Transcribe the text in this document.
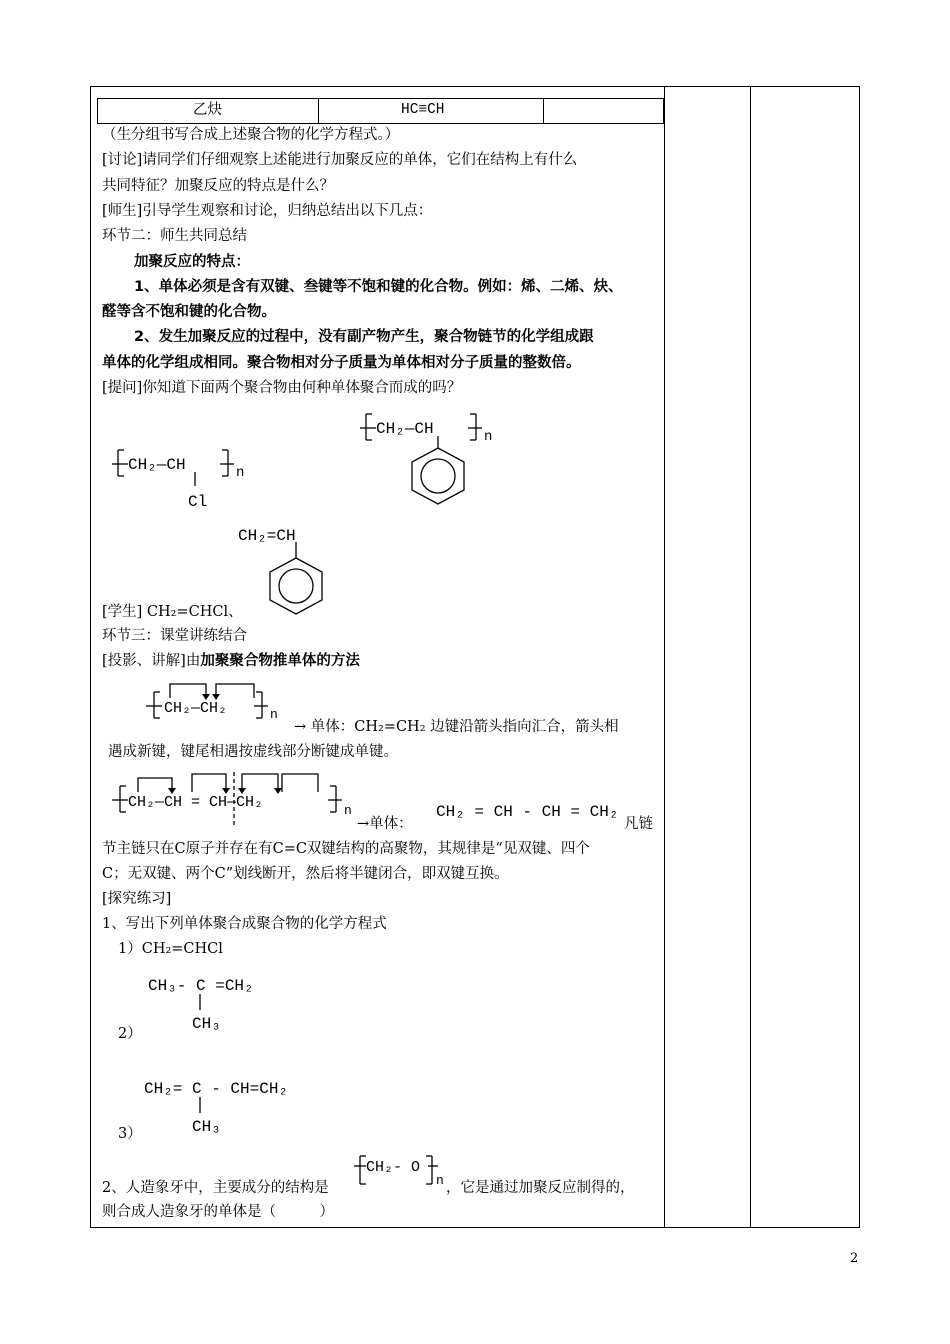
乙炔	HC≡CH
（生分组书写合成上述聚合物的化学方程式。）
[讨论]请同学们仔细观察上述能进行加聚反应的单体，它们在结构上有什么
共同特征？加聚反应的特点是什么？
[师生]引导学生观察和讨论，归纳总结出以下几点：
环节二：师生共同总结
加聚反应的特点：
1、单体必须是含有双键、叁键等不饱和键的化合物。例如：烯、二烯、炔、
醛等含不饱和键的化合物。
2、发生加聚反应的过程中，没有副产物产生，聚合物链节的化学组成跟
单体的化学组成相同。聚合物相对分子质量为单体相对分子质量的整数倍。
[提问]你知道下面两个聚合物由何种单体聚合而成的吗？
CH₂—CH	n
CH₂—CH	n
Cl
CH₂=CH
[学生] CH₂=CHCl、
环节三：课堂讲练结合
[投影、讲解]由加聚聚合物推单体的方法
CH₂—CH₂	n
→ 单体：CH₂=CH₂ 边键沿箭头指向汇合，箭头相
遇成新键，键尾相遇按虚线部分断键成单键。
CH₂—CH = CH—CH₂	n
→单体：
CH₂ = CH - CH = CH₂
凡链
节主链只在C原子并存在有C=C双键结构的高聚物，其规律是“见双键、四个
C；无双键、两个C”划线断开，然后将半键闭合，即双键互换。
[探究练习]
1、写出下列单体聚合成聚合物的化学方程式
1）CH₂=CHCl
CH₃- C =CH₂
CH₃
2）
CH₂= C - CH=CH₂
CH₃
3）
2、人造象牙中，主要成分的结构是
CH₂- O
n ，它是通过加聚反应制得的，
则合成人造象牙的单体是（　　　）
2
